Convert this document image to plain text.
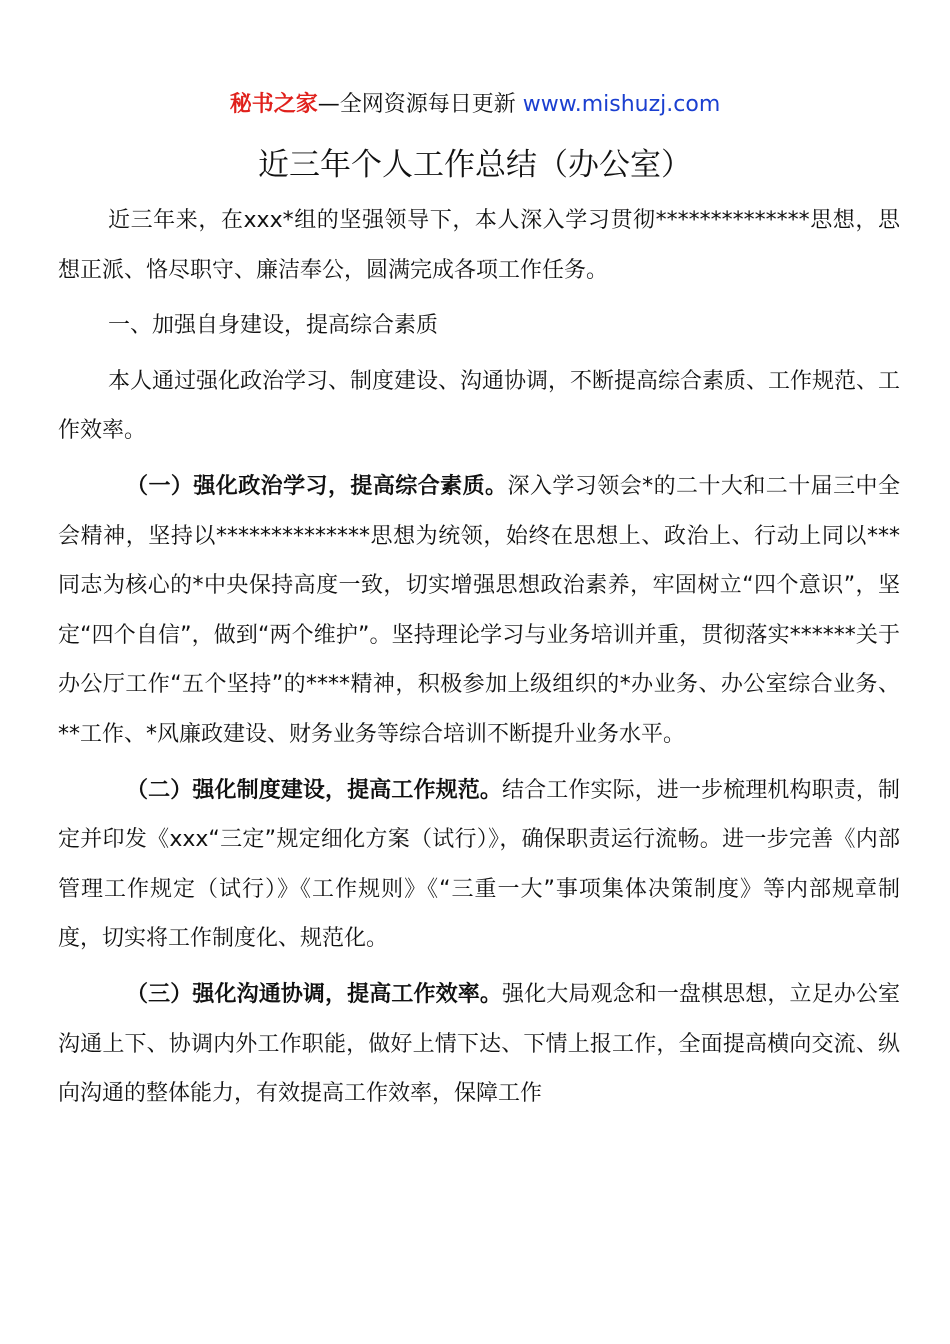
秘书之家—全网资源每日更新 www.mishuzj.com
近三年个人工作总结（办公室）

近三年来，在xxx*组的坚强领导下，本人深入学习贯彻**************思想，思想正派、恪尽职守、廉洁奉公，圆满完成各项工作任务。

一、加强自身建设，提高综合素质

本人通过强化政治学习、制度建设、沟通协调，不断提高综合素质、工作规范、工作效率。

（一）强化政治学习，提高综合素质。深入学习领会*的二十大和二十届三中全会精神，坚持以**************思想为统领，始终在思想上、政治上、行动上同以***同志为核心的*中央保持高度一致，切实增强思想政治素养，牢固树立“四个意识”，坚定“四个自信”，做到“两个维护”。坚持理论学习与业务培训并重，贯彻落实******关于办公厅工作“五个坚持”的****精神，积极参加上级组织的*办业务、办公室综合业务、**工作、*风廉政建设、财务业务等综合培训不断提升业务水平。

（二）强化制度建设，提高工作规范。结合工作实际，进一步梳理机构职责，制定并印发《xxx“三定”规定细化方案（试行）》，确保职责运行流畅。进一步完善《内部管理工作规定（试行）》《工作规则》《“三重一大”事项集体决策制度》等内部规章制度，切实将工作制度化、规范化。

（三）强化沟通协调，提高工作效率。强化大局观念和一盘棋思想，立足办公室沟通上下、协调内外工作职能，做好上情下达、下情上报工作，全面提高横向交流、纵向沟通的整体能力，有效提高工作效率，保障工作
